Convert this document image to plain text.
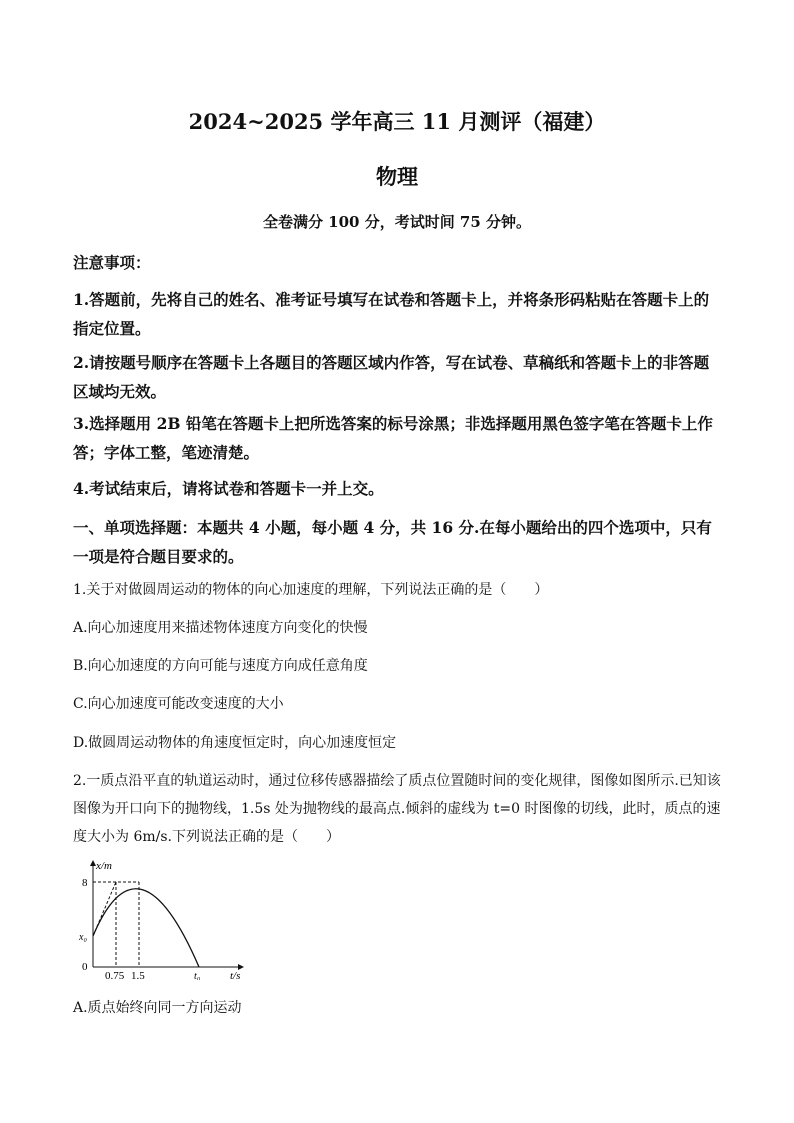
2024~2025 学年高三 11 月测评（福建）
物理
全卷满分 100 分，考试时间 75 分钟。
注意事项：
1.答题前，先将自己的姓名、准考证号填写在试卷和答题卡上，并将条形码粘贴在答题卡上的指定位置。
2.请按题号顺序在答题卡上各题目的答题区域内作答，写在试卷、草稿纸和答题卡上的非答题区域均无效。
3.选择题用 2B 铅笔在答题卡上把所选答案的标号涂黑；非选择题用黑色签字笔在答题卡上作答；字体工整，笔迹清楚。
4.考试结束后，请将试卷和答题卡一并上交。
一、单项选择题：本题共 4 小题，每小题 4 分，共 16 分.在每小题给出的四个选项中，只有一项是符合题目要求的。
1.关于对做圆周运动的物体的向心加速度的理解，下列说法正确的是（　　）
A.向心加速度用来描述物体速度方向变化的快慢
B.向心加速度的方向可能与速度方向成任意角度
C.向心加速度可能改变速度的大小
D.做圆周运动物体的角速度恒定时，向心加速度恒定
2.一质点沿平直的轨道运动时，通过位移传感器描绘了质点位置随时间的变化规律，图像如图所示.已知该图像为开口向下的抛物线，1.5s 处为抛物线的最高点.倾斜的虚线为 t=0 时图像的切线，此时，质点的速度大小为 6m/s.下列说法正确的是（　　）
x/m
t/s
8
x₀
0
0.75 1.5	t₀
A.质点始终向同一方向运动
